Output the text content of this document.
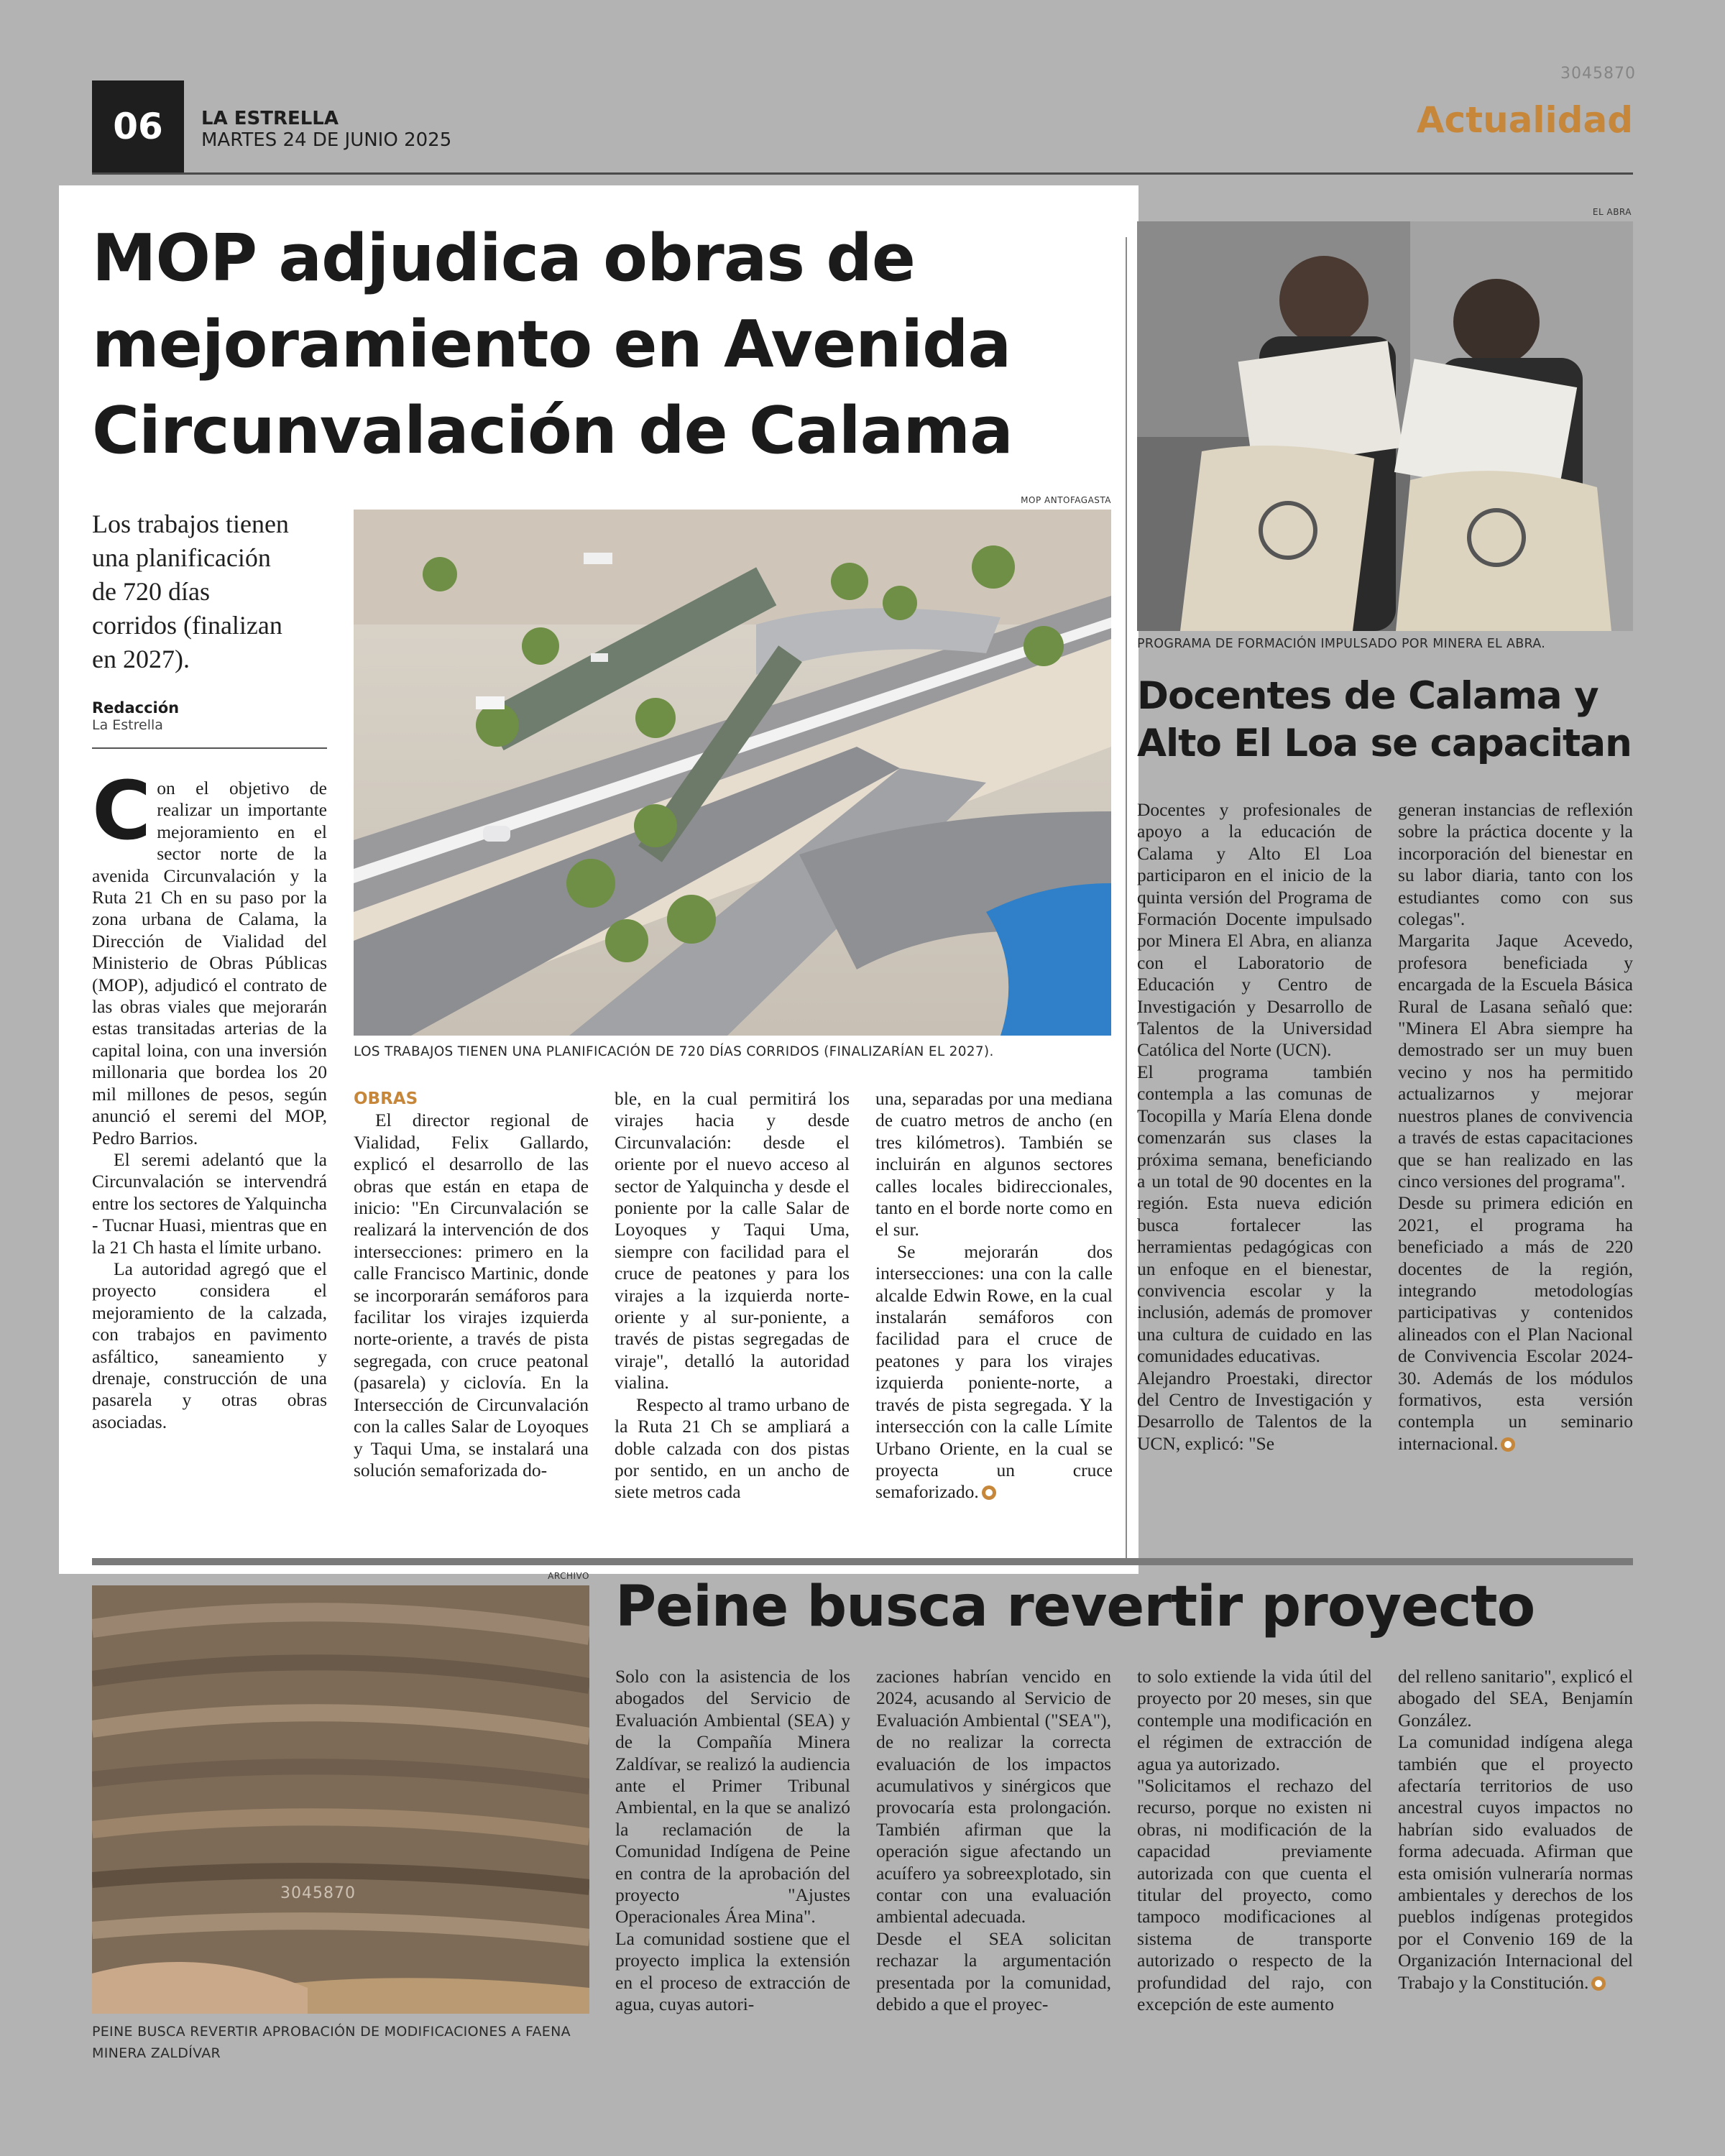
3045870
06	LA ESTRELLA
MARTES 24 DE JUNIO 2025	Actualidad
MOP adjudica obras de
mejoramiento en Avenida
Circunvalación de Calama
MOP ANTOFAGASTA
Los trabajos tienen
una planificación
de 720 días
corridos (finalizan
en 2027).
Redacción
La Estrella
LOS TRABAJOS TIENEN UNA PLANIFICACIÓN DE 720 DÍAS CORRIDOS (FINALIZARÍAN EL 2027).

Con el objetivo de realizar un importante mejoramiento en el sector norte de la avenida Circunvalación y la Ruta 21 Ch en su paso por la zona urbana de Calama, la Dirección de Vialidad del Ministerio de Obras Públicas (MOP), adjudicó el contrato de las obras viales que mejorarán estas transitadas arterias de la capital loina, con una inversión millonaria que bordea los 20 mil millones de pesos, según anunció el seremi del MOP, Pedro Barrios.

El seremi adelantó que la Circunvalación se intervendrá entre los sectores de Yalquincha - Tucnar Huasi, mientras que en la 21 Ch hasta el límite urbano.

La autoridad agregó que el proyecto considera el mejoramiento de la calzada, con trabajos en pavimento asfáltico, saneamiento y drenaje, construcción de una pasarela y otras obras asociadas.

OBRAS

El director regional de Vialidad, Felix Gallardo, explicó el desarrollo de las obras que están en etapa de inicio: "En Circunvalación se realizará la intervención de dos intersecciones: primero en la calle Francisco Martinic, donde se incorporarán semáforos para facilitar los virajes izquierda norte-oriente, a través de pista segregada, con cruce peatonal (pasarela) y ciclovía. En la Intersección de Circunvalación con la calles Salar de Loyoques y Taqui Uma, se instalará una solución semaforizada do-

ble, en la cual permitirá los virajes hacia y desde Circunvalación: desde el oriente por el nuevo acceso al sector de Yalquincha y desde el poniente por la calle Salar de Loyoques y Taqui Uma, siempre con facilidad para el cruce de peatones y para los virajes a la izquierda norte-oriente y al sur-poniente, a través de pistas segregadas de viraje", detalló la autoridad vialina.

Respecto al tramo urbano de la Ruta 21 Ch se ampliará a doble calzada con dos pistas por sentido, en un ancho de siete metros cada

una, separadas por una mediana de cuatro metros de ancho (en tres kilómetros). También se incluirán en algunos sectores calles locales bidireccionales, tanto en el borde norte como en el sur.

Se mejorarán dos intersecciones: una con la calle alcalde Edwin Rowe, en la cual instalarán semáforos con facilidad para el cruce de peatones y para los virajes izquierda poniente-norte, a través de pista segregada. Y la intersección con la calle Límite Urbano Oriente, en la cual se proyecta un cruce semaforizado.

EL ABRA
PROGRAMA DE FORMACIÓN IMPULSADO POR MINERA EL ABRA.
Docentes de Calama y
Alto El Loa se capacitan

Docentes y profesionales de apoyo a la educación de Calama y Alto El Loa participaron en el inicio de la quinta versión del Programa de Formación Docente impulsado por Minera El Abra, en alianza con el Laboratorio de Educación y Centro de Investigación y Desarrollo de Talentos de la Universidad Católica del Norte (UCN).

El programa también contempla a las comunas de Tocopilla y María Elena donde comenzarán sus clases la próxima semana, beneficiando a un total de 90 docentes en la región. Esta nueva edición busca fortalecer las herramientas pedagógicas con un enfoque en el bienestar, convivencia escolar y la inclusión, además de promover una cultura de cuidado en las comunidades educativas.

Alejandro Proestaki, director del Centro de Investigación y Desarrollo de Talentos de la UCN, explicó: "Se

generan instancias de reflexión sobre la práctica docente y la incorporación del bienestar en su labor diaria, tanto con los estudiantes como con sus colegas".

Margarita Jaque Acevedo, profesora beneficiada y encargada de la Escuela Básica Rural de Lasana señaló que: "Minera El Abra siempre ha demostrado ser un muy buen vecino y nos ha permitido actualizarnos y mejorar nuestros planes de convivencia a través de estas capacitaciones que se han realizado en las cinco versiones del programa".

Desde su primera edición en 2021, el programa ha beneficiado a más de 220 docentes de la región, integrando metodologías participativas y contenidos alineados con el Plan Nacional de Convivencia Escolar 2024-30. Además de los módulos formativos, esta versión contempla un seminario internacional.

ARCHIVO
3045870
PEINE BUSCA REVERTIR APROBACIÓN DE MODIFICACIONES A FAENA
MINERA ZALDÍVAR
Peine busca revertir proyecto

Solo con la asistencia de los abogados del Servicio de Evaluación Ambiental (SEA) y de la Compañía Minera Zaldívar, se realizó la audiencia ante el Primer Tribunal Ambiental, en la que se analizó la reclamación de la Comunidad Indígena de Peine en contra de la aprobación del proyecto "Ajustes Operacionales Área Mina".

La comunidad sostiene que el proyecto implica la extensión en el proceso de extracción de agua, cuyas autori-

zaciones habrían vencido en 2024, acusando al Servicio de Evaluación Ambiental ("SEA"), de no realizar la correcta evaluación de los impactos acumulativos y sinérgicos que provocaría esta prolongación. También afirman que la operación sigue afectando un acuífero ya sobreexplotado, sin contar con una evaluación ambiental adecuada.

Desde el SEA solicitan rechazar la argumentación presentada por la comunidad, debido a que el proyec-

to solo extiende la vida útil del proyecto por 20 meses, sin que contemple una modificación en el régimen de extracción de agua ya autorizado.

"Solicitamos el rechazo del recurso, porque no existen ni obras, ni modificación de la capacidad previamente autorizada con que cuenta el titular del proyecto, como tampoco modificaciones al sistema de transporte autorizado o respecto de la profundidad del rajo, con excepción de este aumento

del relleno sanitario", explicó el abogado del SEA, Benjamín González.

La comunidad indígena alega también que el proyecto afectaría territorios de uso ancestral cuyos impactos no habrían sido evaluados de forma adecuada. Afirman que esta omisión vulneraría normas ambientales y derechos de los pueblos indígenas protegidos por el Convenio 169 de la Organización Internacional del Trabajo y la Constitución.
